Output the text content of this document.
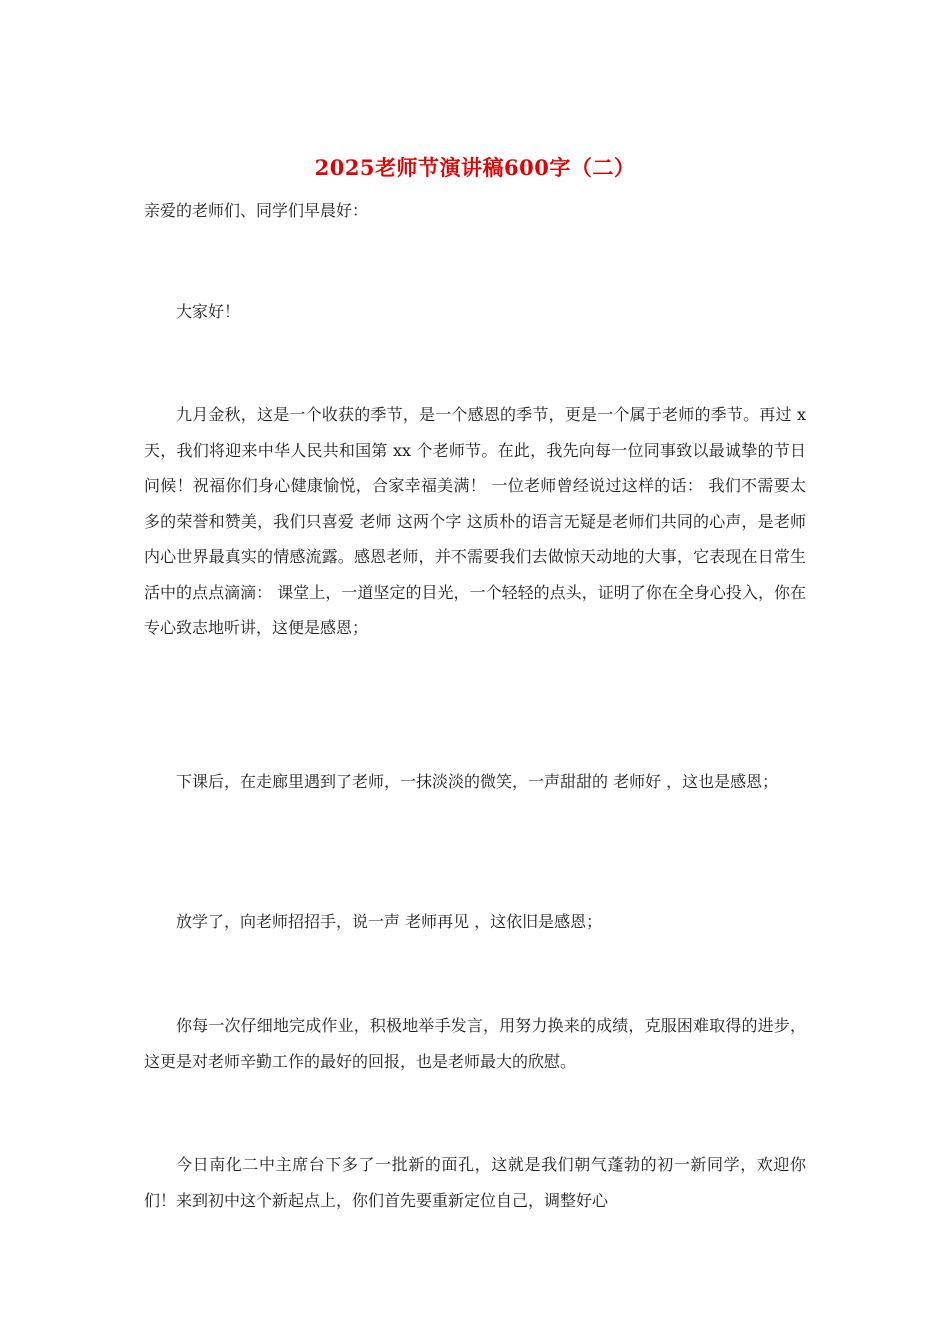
2025老师节演讲稿600字（二）
亲爱的老师们、同学们早晨好：

大家好！

九月金秋，这是一个收获的季节，是一个感恩的季节，更是一个属于老师的季节。再过 x 天，我们将迎来中华人民共和国第 xx 个老师节。在此，我先向每一位同事致以最诚挚的节日问候！祝福你们身心健康愉悦，合家幸福美满！ 一位老师曾经说过这样的话： 我们不需要太多的荣誉和赞美，我们只喜爱 老师 这两个字 这质朴的语言无疑是老师们共同的心声，是老师内心世界最真实的情感流露。感恩老师，并不需要我们去做惊天动地的大事，它表现在日常生活中的点点滴滴： 课堂上，一道坚定的目光，一个轻轻的点头，证明了你在全身心投入，你在专心致志地听讲，这便是感恩；

下课后，在走廊里遇到了老师，一抹淡淡的微笑，一声甜甜的 老师好 ，这也是感恩；

放学了，向老师招招手，说一声 老师再见 ，这依旧是感恩；

你每一次仔细地完成作业，积极地举手发言，用努力换来的成绩，克服困难取得的进步，这更是对老师辛勤工作的最好的回报，也是老师最大的欣慰。

今日南化二中主席台下多了一批新的面孔，这就是我们朝气蓬勃的初一新同学，欢迎你们！来到初中这个新起点上，你们首先要重新定位自己，调整好心
